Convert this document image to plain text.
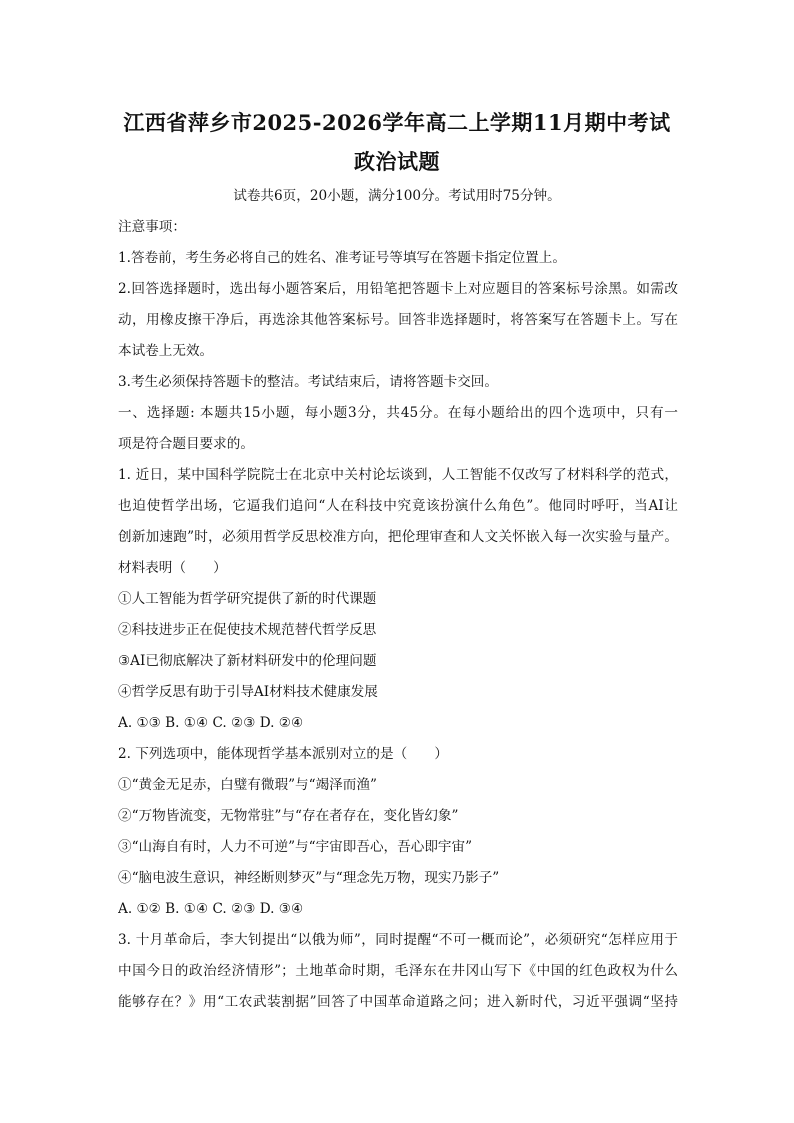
江西省萍乡市2025-2026学年高二上学期11月期中考试
政治试题
试卷共6页，20小题，满分100分。考试用时75分钟。
注意事项：
1.答卷前，考生务必将自己的姓名、准考证号等填写在答题卡指定位置上。
2.回答选择题时，选出每小题答案后，用铅笔把答题卡上对应题目的答案标号涂黑。如需改
动，用橡皮擦干净后，再选涂其他答案标号。回答非选择题时，将答案写在答题卡上。写在
本试卷上无效。
3.考生必须保持答题卡的整洁。考试结束后，请将答题卡交回。
一、选择题: 本题共15小题，每小题3分，共45分。在每小题给出的四个选项中，只有一
项是符合题目要求的。
1. 近日，某中国科学院院士在北京中关村论坛谈到，人工智能不仅改写了材料科学的范式，
也迫使哲学出场，它逼我们追问“人在科技中究竟该扮演什么角色”。他同时呼吁，当AI让
创新加速跑”时，必须用哲学反思校准方向，把伦理审查和人文关怀嵌入每一次实验与量产。
材料表明（　　）
①人工智能为哲学研究提供了新的时代课题
②科技进步正在促使技术规范替代哲学反思
③AI已彻底解决了新材料研发中的伦理问题
④哲学反思有助于引导AI材料技术健康发展
A. ①③ B. ①④ C. ②③ D. ②④
2. 下列选项中，能体现哲学基本派别对立的是（　　）
①“黄金无足赤，白璧有微瑕”与“竭泽而渔”
②“万物皆流变，无物常驻”与“存在者存在，变化皆幻象”
③“山海自有时，人力不可逆”与“宇宙即吾心，吾心即宇宙”
④“脑电波生意识，神经断则梦灭”与“理念先万物，现实乃影子”
A. ①② B. ①④ C. ②③ D. ③④
3. 十月革命后，李大钊提出“以俄为师”，同时提醒“不可一概而论”，必须研究“怎样应用于
中国今日的政治经济情形”；土地革命时期，毛泽东在井冈山写下《中国的红色政权为什么
能够存在？》用“工农武装割据”回答了中国革命道路之问；进入新时代，习近平强调“坚持
